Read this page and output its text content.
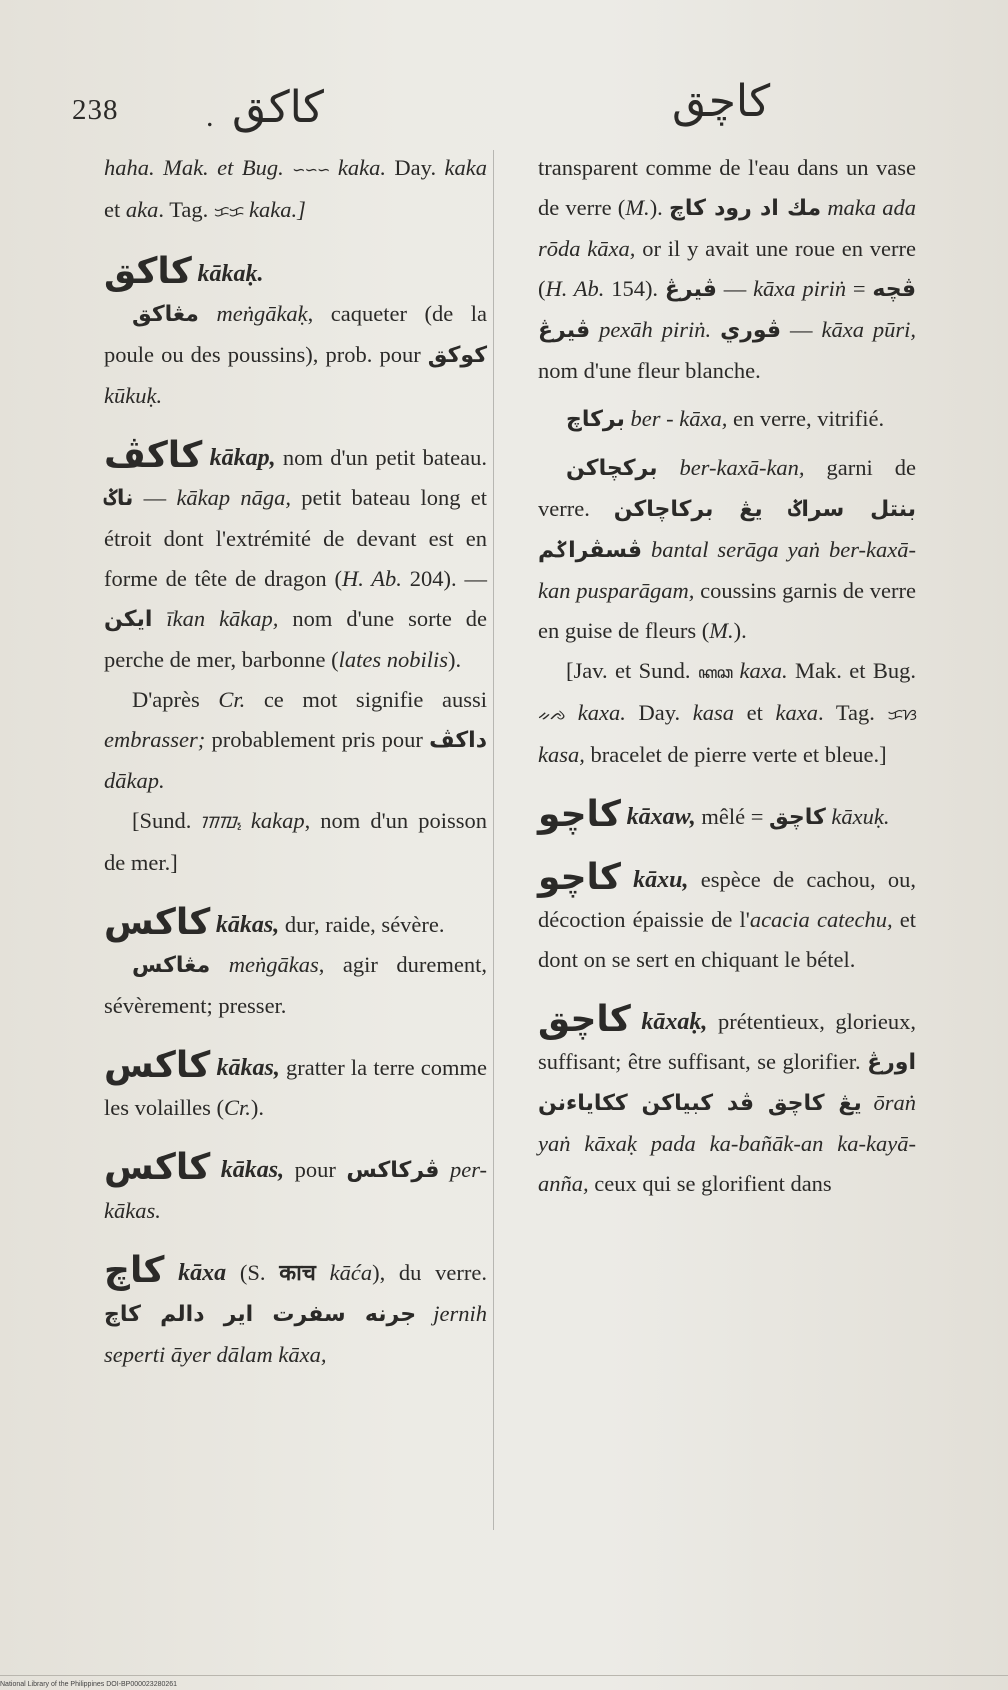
238	. كاكق	كاچق

haha. Mak. et Bug. ∽∽∽ kaka. Day. kaka et aka. Tag. ᜃᜃ kaka.]

كاكق kākaḳ.

مڠاكق meṅgākaḳ, caqueter (de la poule ou des poussins), prob. pour كوكق kūkuḳ.

كاكڤ kākap, nom d'un petit bateau. ناݢ — kākap nāga, petit bateau long et étroit dont l'extrémité de devant est en forme de tête de dragon (H. Ab. 204). — ايكن īkan kākap, nom d'une sorte de perche de mer, barbonne (lates nobilis).

D'après Cr. ce mot signifie aussi embrasser; probablement pris pour داكڤ dākap.

[Sund. ᮊᮊᮕ᮪ kakap, nom d'un poisson de mer.]

كاكس kākas, dur, raide, sévère.

مڠاكس meṅgākas, agir durement, sévèrement; presser.

كاكس kākas, gratter la terre comme les volailles (Cr.).

كاكس kākas, pour ڤركاكس per-kākas.

كاچ kāxa (S. काच kāća), du verre. جرنه سفرت اير دالم كاچ jernih seperti āyer dālam kāxa,

transparent comme de l'eau dans un vase de verre (M.). مك اد رود كاچ maka ada rōda kāxa, or il y avait une roue en verre (H. Ab. 154). ڤيرڠ — kāxa piriṅ = ڤچه ڤيرڠ pexāh piriṅ. ڤوري — kāxa pūri, nom d'une fleur blanche.

بركاچ ber - kāxa, en verre, vitrifié.

بركچاكن ber-kaxā-kan, garni de verre. بنتل سراݢ يڠ بركاچاكن ڤسڤراݢم bantal serāga yaṅ ber-kaxā-kan puspa​rāgam, coussins garnis de verre en guise de fleurs (M.).

[Jav. et Sund. ꦏꦕ kaxa. Mak. et Bug. ᨀᨌ kaxa. Day. kasa et kaxa. Tag. ᜃᜐ kasa, bracelet de pierre verte et bleue.]

كاچو kāxaw, mêlé = كاچق kāxuḳ.

كاچو kāxu, espèce de cachou, ou, décoction épaissie de l'acacia catechu, et dont on se sert en chiquant le bétel.

كاچق kāxaḳ, prétentieux, glorieux, suffisant; être suffisant, se glorifier. اورڠ يڠ كاچق ڤد كبياكن ككاياءنن ōraṅ yaṅ kāxaḳ pada ka-bañāk-an ka-kayā-anña, ceux qui se glorifient dans

National Library of the Philippines DOI-BP000023280261
